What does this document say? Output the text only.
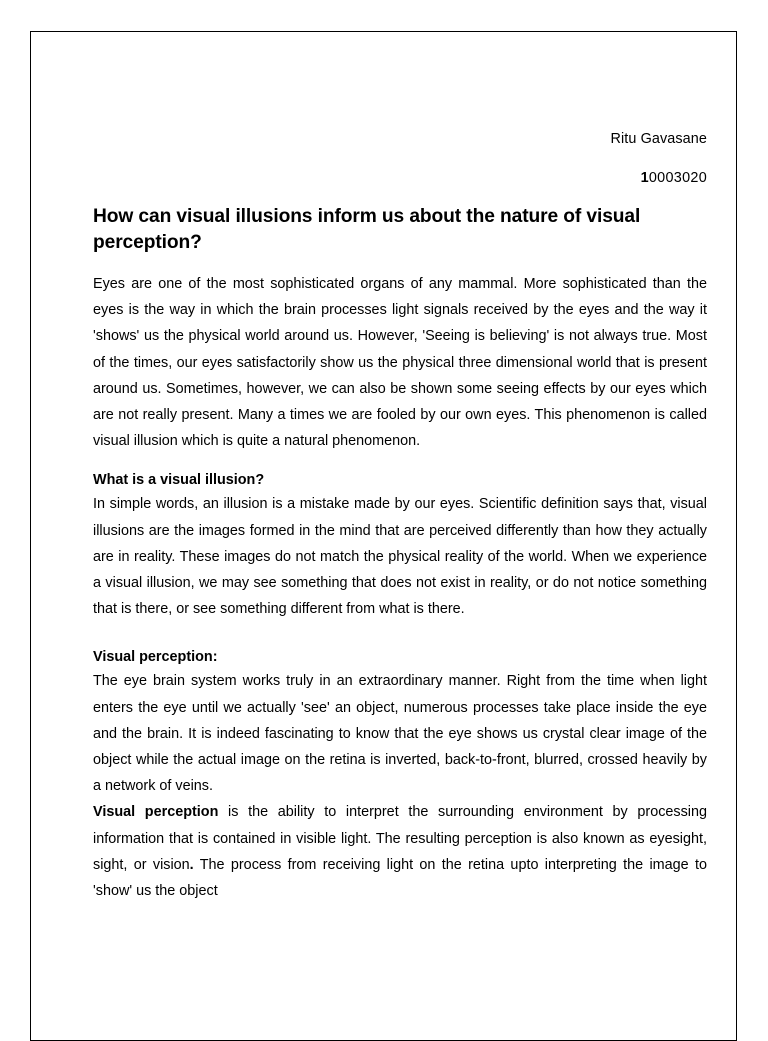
Ritu Gavasane
10003020
How can visual illusions inform us about the nature of visual perception?

Eyes are one of the most sophisticated organs of any mammal. More sophisticated than the eyes is the way in which the brain processes light signals received by the eyes and the way it 'shows' us the physical world around us. However, 'Seeing is believing' is not always true. Most of the times, our eyes satisfactorily show us the physical three dimensional world that is present around us. Sometimes, however, we can also be shown some seeing effects by our eyes which are not really present. Many a times we are fooled by our own eyes. This phenomenon is called visual illusion which is quite a natural phenomenon.

What is a visual illusion?

In simple words, an illusion is a mistake made by our eyes. Scientific definition says that, visual illusions are the images formed in the mind that are perceived differently than how they actually are in reality. These images do not match the physical reality of the world. When we experience a visual illusion, we may see something that does not exist in reality, or do not notice something that is there, or see something different from what is there.

Visual perception:

The eye brain system works truly in an extraordinary manner. Right from the time when light enters the eye until we actually 'see' an object, numerous processes take place inside the eye and the brain. It is indeed fascinating to know that the eye shows us crystal clear image of the object while the actual image on the retina is inverted, back-to-front, blurred, crossed heavily by a network of veins.

Visual perception is the ability to interpret the surrounding environment by processing information that is contained in visible light. The resulting perception is also known as eyesight, sight, or vision. The process from receiving light on the retina upto interpreting the image to 'show' us the object
